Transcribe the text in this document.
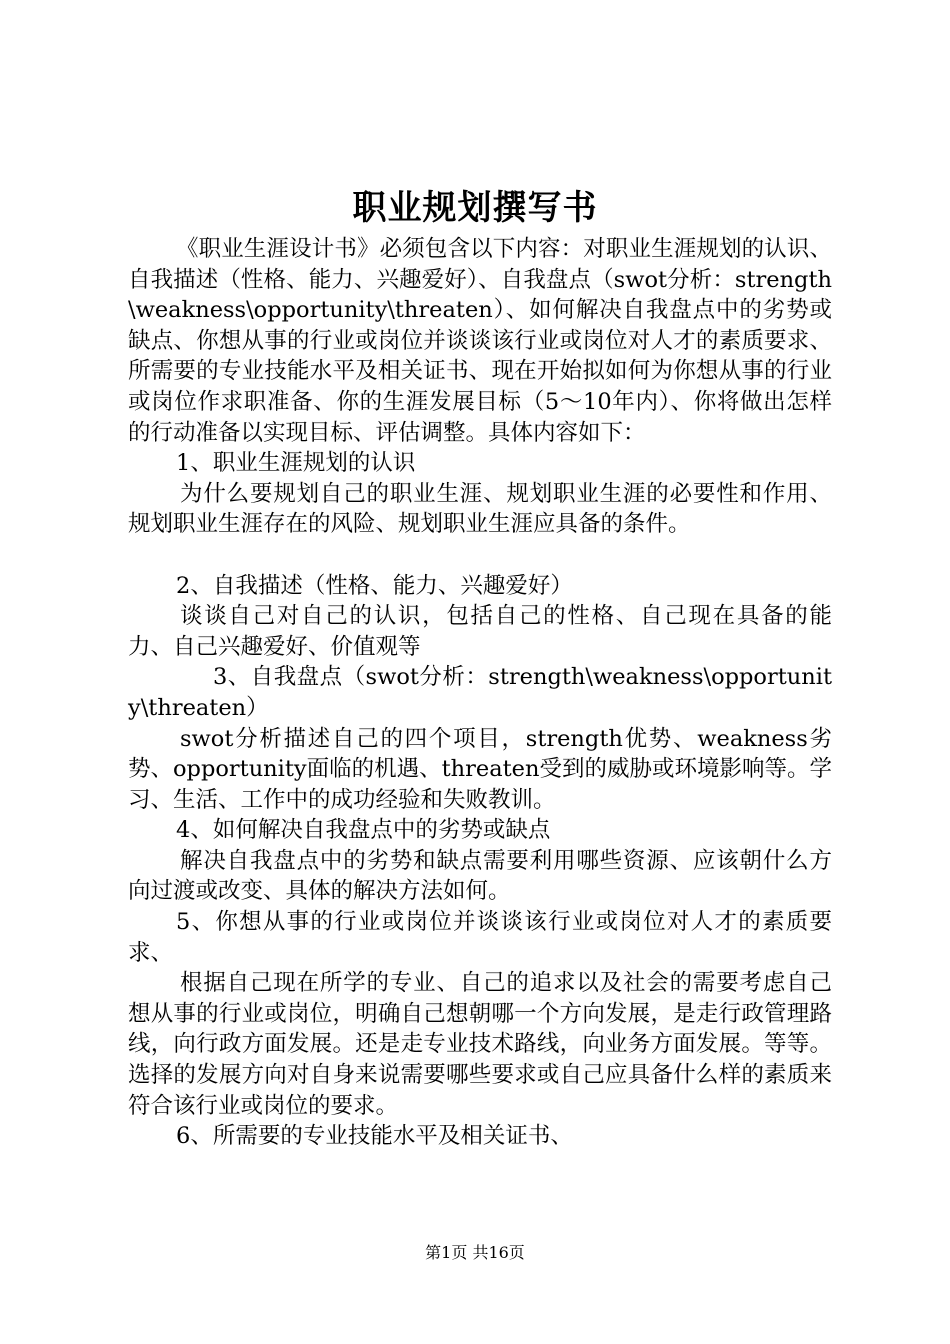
职业规划撰写书

《职业生涯设计书》必须包含以下内容：对职业生涯规划的认识、自我描述（性格、能力、兴趣爱好）、自我盘点（swot分析：strength\weakness\opportunity\threaten）、如何解决自我盘点中的劣势或缺点、你想从事的行业或岗位并谈谈该行业或岗位对人才的素质要求、所需要的专业技能水平及相关证书、现在开始拟如何为你想从事的行业或岗位作求职准备、你的生涯发展目标（5～10年内）、你将做出怎样的行动准备以实现目标、评估调整。具体内容如下：

1、职业生涯规划的认识

为什么要规划自己的职业生涯、规划职业生涯的必要性和作用、规划职业生涯存在的风险、规划职业生涯应具备的条件。

2、自我描述（性格、能力、兴趣爱好）

谈谈自己对自己的认识，包括自己的性格、自己现在具备的能力、自己兴趣爱好、价值观等

3、自我盘点（swot分析：strength\weakness\opportunity\threaten）

swot分析描述自己的四个项目，strength优势、weakness劣势、opportunity面临的机遇、threaten受到的威胁或环境影响等。学习、生活、工作中的成功经验和失败教训。

4、如何解决自我盘点中的劣势或缺点

解决自我盘点中的劣势和缺点需要利用哪些资源、应该朝什么方向过渡或改变、具体的解决方法如何。

5、你想从事的行业或岗位并谈谈该行业或岗位对人才的素质要求、

根据自己现在所学的专业、自己的追求以及社会的需要考虑自己想从事的行业或岗位，明确自己想朝哪一个方向发展，是走行政管理路线，向行政方面发展。还是走专业技术路线，向业务方面发展。等等。选择的发展方向对自身来说需要哪些要求或自己应具备什么样的素质来符合该行业或岗位的要求。

6、所需要的专业技能水平及相关证书、

第1页 共16页
